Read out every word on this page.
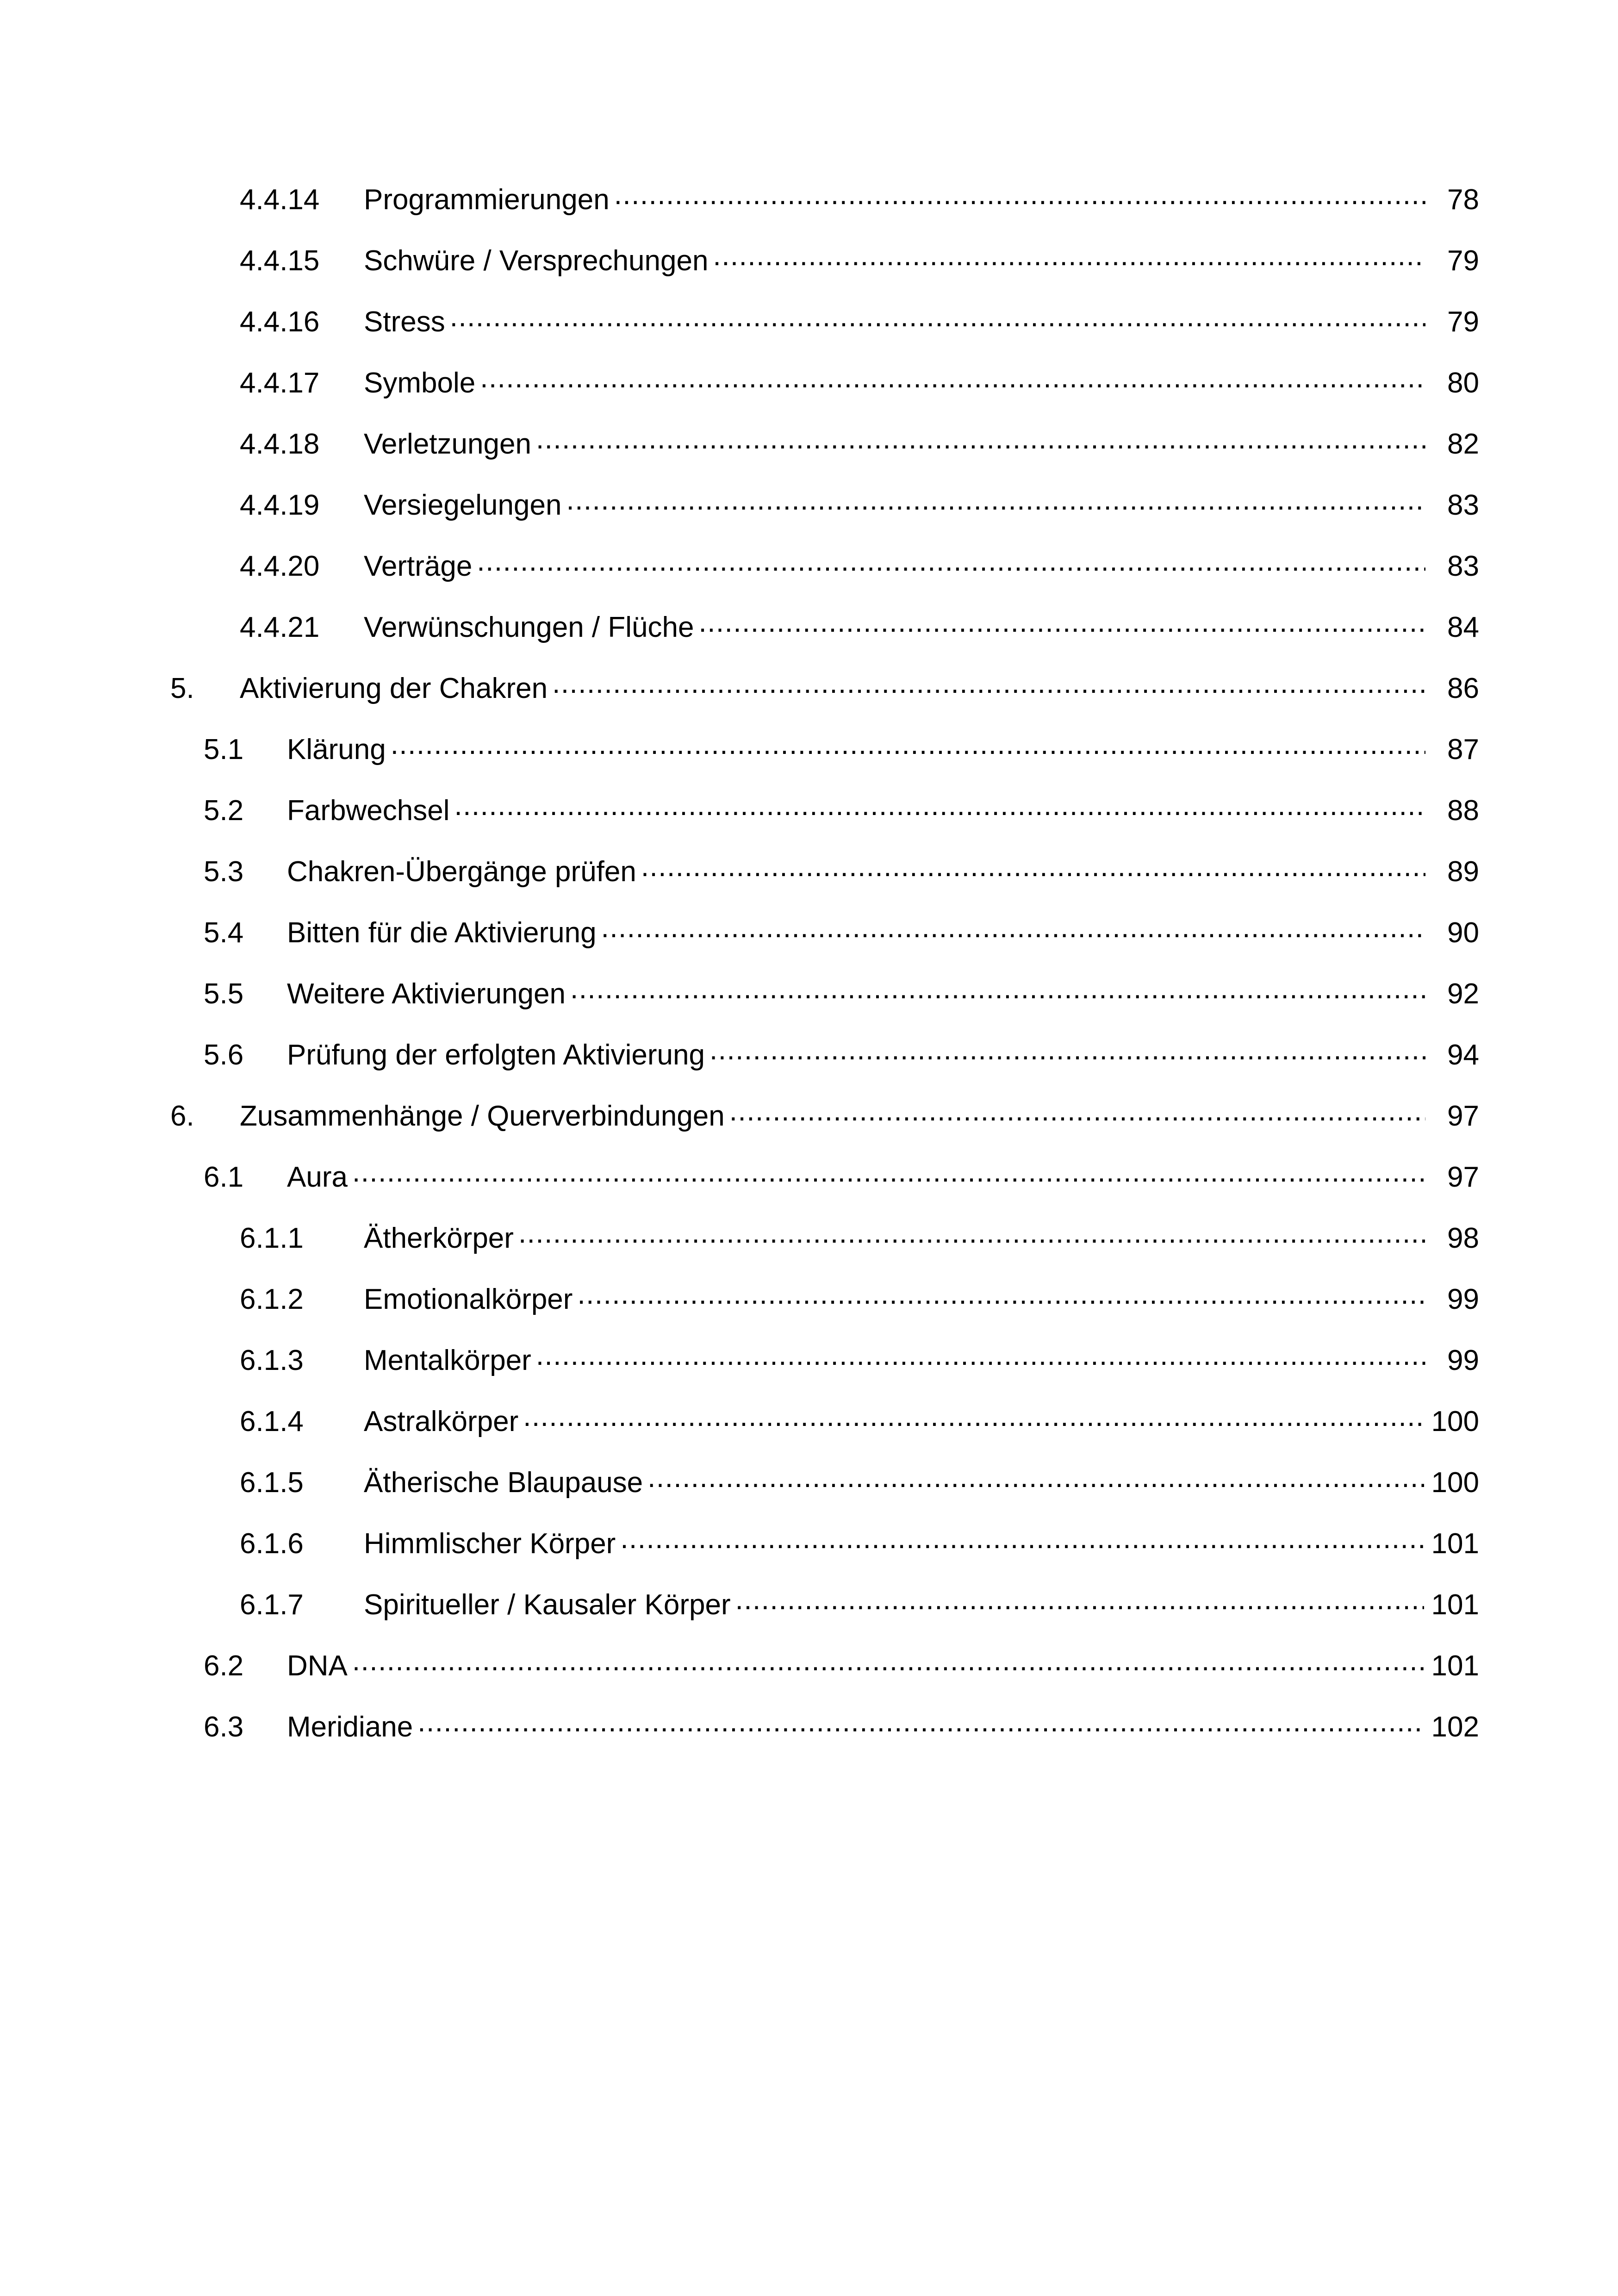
4.4.14	Programmierungen .....	78
4.4.15	Schwüre / Versprechungen .....	79
4.4.16	Stress .....	79
4.4.17	Symbole .....	80
4.4.18	Verletzungen .....	82
4.4.19	Versiegelungen .....	83
4.4.20	Verträge .....	83
4.4.21	Verwünschungen / Flüche .....	84
5.	Aktivierung der Chakren .....	86
5.1	Klärung .....	87
5.2	Farbwechsel .....	88
5.3	Chakren-Übergänge prüfen .....	89
5.4	Bitten für die Aktivierung .....	90
5.5	Weitere Aktivierungen .....	92
5.6	Prüfung der erfolgten Aktivierung .....	94
6.	Zusammenhänge / Querverbindungen .....	97
6.1	Aura .....	97
6.1.1	Ätherkörper .....	98
6.1.2	Emotionalkörper .....	99
6.1.3	Mentalkörper .....	99
6.1.4	Astralkörper .....	100
6.1.5	Ätherische Blaupause .....	100
6.1.6	Himmlischer Körper .....	101
6.1.7	Spiritueller / Kausaler Körper .....	101
6.2	DNA .....	101
6.3	Meridiane .....	102
